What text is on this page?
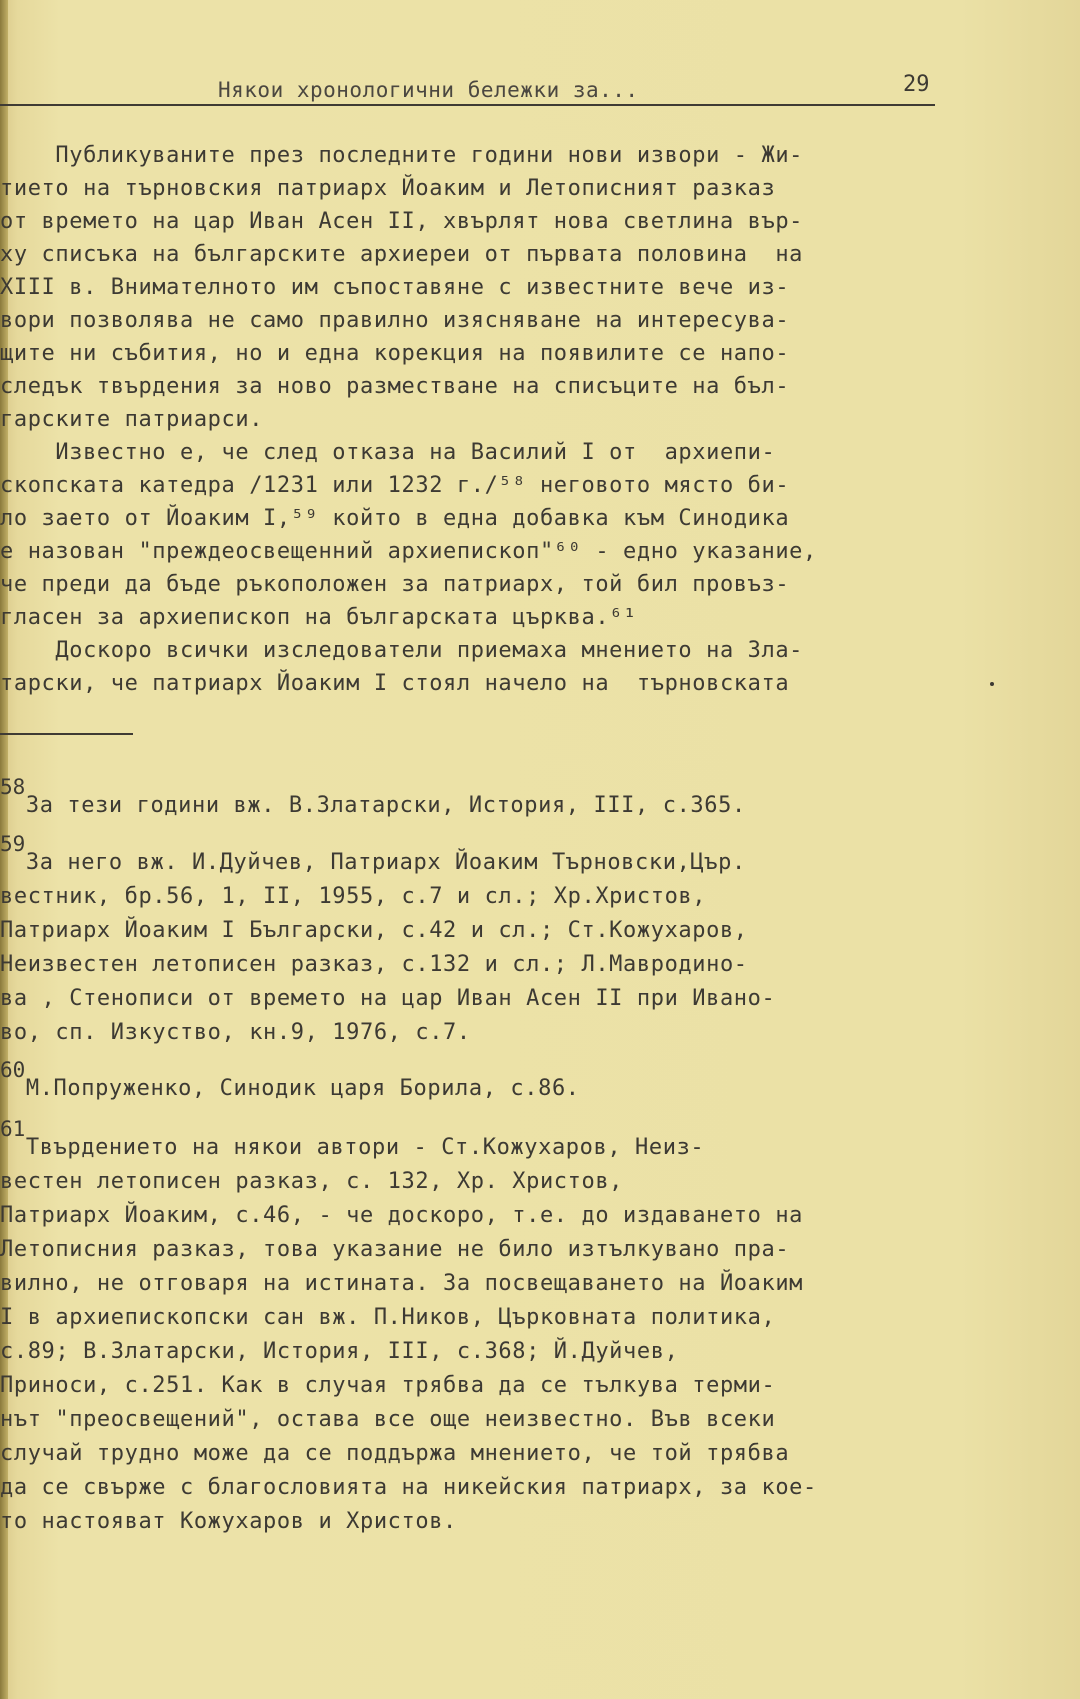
Някои хронологични бележки за...	29
Публикуваните през последните години нови извори - Жи-
тието на търновския патриарх Йоаким и Летописният разказ
от времето на цар Иван Асен II, хвърлят нова светлина вър-
ху списъка на българските архиереи от първата половина  на
XIII в. Внимателното им съпоставяне с известните вече из-
вори позволява не само правилно изясняване на интересува-
щите ни събития, но и една корекция на появилите се напо-
следък твърдения за ново разместване на списъците на бъл-
гарските патриарси.
Известно е, че след отказа на Василий I от  архиепи-
скопската катедра /1231 или 1232 г./⁵⁸ неговото място би-
ло заето от Йоаким I,⁵⁹ който в една добавка към Синодика
е назован "преждеосвещенний архиепископ"⁶⁰ - едно указание,
че преди да бъде ръкоположен за патриарх, той бил провъз-
гласен за архиепископ на българската църква.⁶¹
Доскоро всички изследователи приемаха мнението на Зла-
тарски, че патриарх Йоаким I стоял начело на  търновската
58
За тези години вж. В.Златарски, История, III, с.365.
59
За него вж. И.Дуйчев, Патриарх Йоаким Търновски,Цър.
вестник, бр.56, 1, II, 1955, с.7 и сл.; Хр.Христов,
Патриарх Йоаким I Български, с.42 и сл.; Ст.Кожухаров,
Неизвестен летописен разказ, с.132 и сл.; Л.Мавродино-
ва , Стенописи от времето на цар Иван Асен II при Ивано-
во, сп. Изкуство, кн.9, 1976, с.7.
60
М.Попруженко, Синодик царя Борила, с.86.
61
Твърдението на някои автори - Ст.Кожухаров, Неиз-
вестен летописен разказ, с. 132, Хр. Христов,
Патриарх Йоаким, с.46, - че доскоро, т.е. до издаването на
Летописния разказ, това указание не било изтълкувано пра-
вилно, не отговаря на истината. За посвещаването на Йоаким
I в архиепископски сан вж. П.Ников, Църковната политика,
с.89; В.Златарски, История, III, с.368; Й.Дуйчев,
Приноси, с.251. Как в случая трябва да се тълкува терми-
нът "преосвещений", остава все още неизвестно. Във всеки
случай трудно може да се поддържа мнението, че той трябва
да се свърже с благословията на никейския патриарх, за кое-
то настояват Кожухаров и Христов.
